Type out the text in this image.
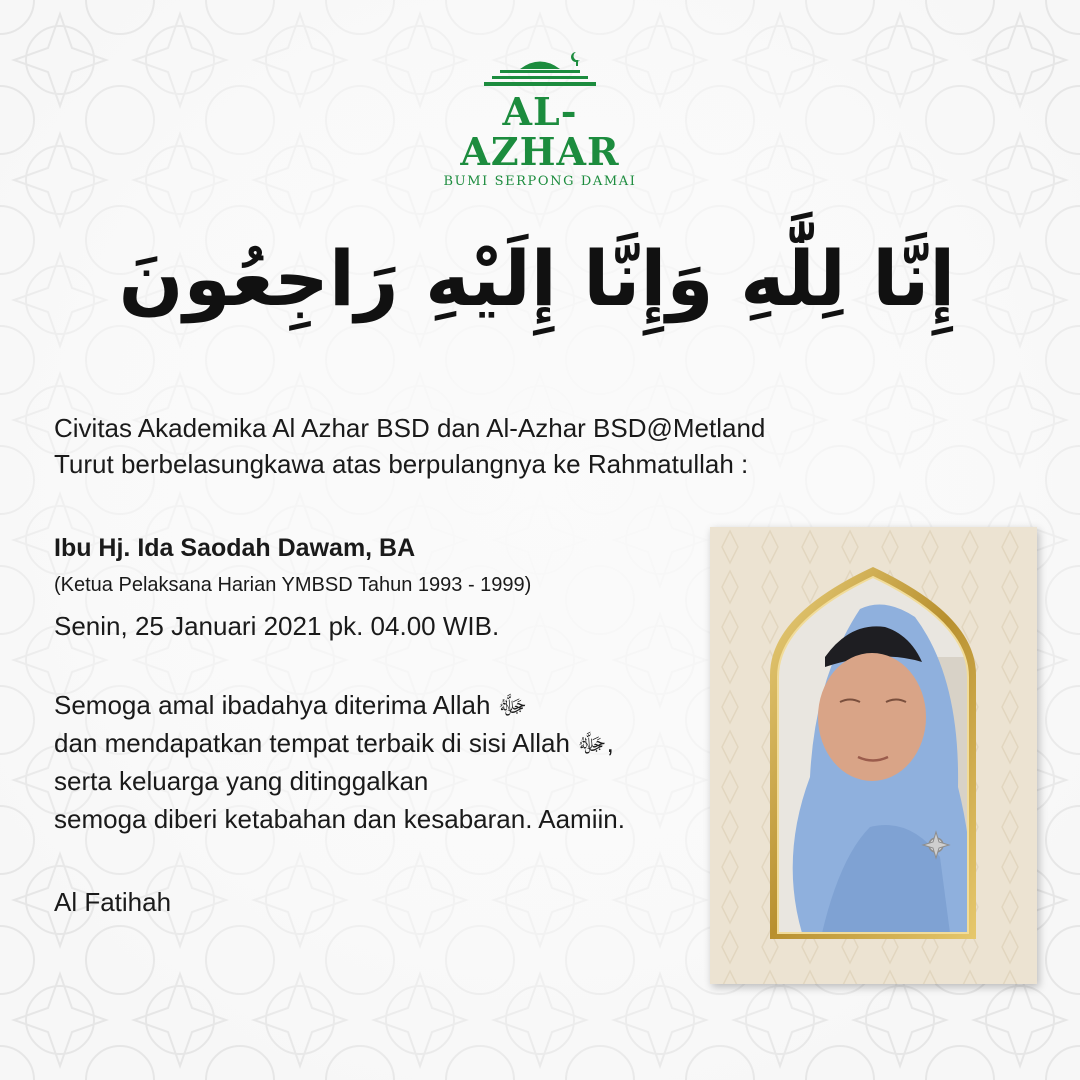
AL-AZHAR
BUMI SERPONG DAMAI
إِنَّا لِلَّٰهِ وَإِنَّا إِلَيْهِ رَاجِعُونَ
Civitas Akademika Al Azhar BSD dan Al-Azhar BSD@Metland
Turut berbelasungkawa atas berpulangnya ke Rahmatullah :
Ibu Hj. Ida Saodah Dawam, BA
(Ketua Pelaksana Harian YMBSD Tahun 1993 - 1999)
Senin, 25 Januari 2021 pk. 04.00 WIB.
Semoga amal ibadahya diterima Allah ﷻ
dan mendapatkan tempat terbaik di sisi Allah ﷻ,
serta keluarga yang ditinggalkan
semoga diberi ketabahan dan kesabaran. Aamiin.
Al Fatihah
